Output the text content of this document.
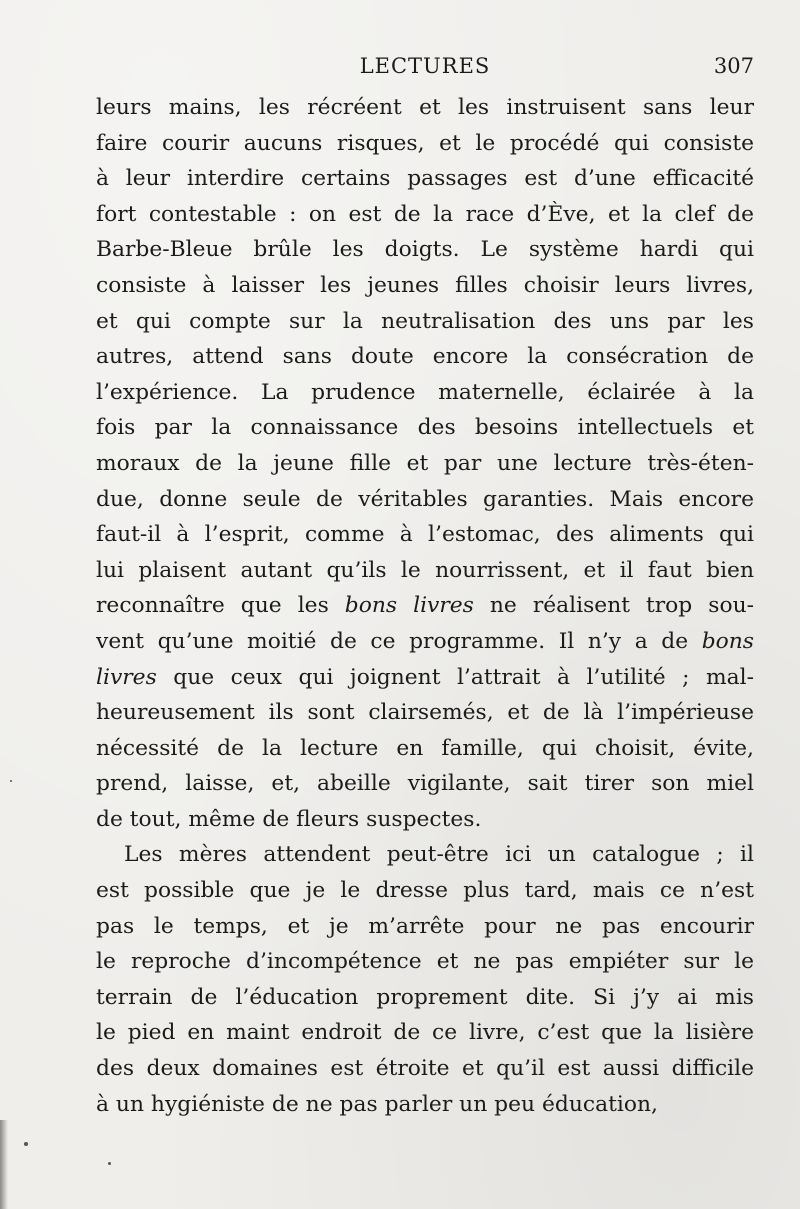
LECTURES	307
leurs mains, les récréent et les instruisent sans leur
faire courir aucuns risques, et le procédé qui consiste
à leur interdire certains passages est d’une efficacité
fort contestable : on est de la race d’Ève, et la clef de
Barbe-Bleue brûle les doigts. Le système hardi qui
consiste à laisser les jeunes filles choisir leurs livres,
et qui compte sur la neutralisation des uns par les
autres, attend sans doute encore la consécration de
l’expérience. La prudence maternelle, éclairée à la
fois par la connaissance des besoins intellectuels et
moraux de la jeune fille et par une lecture très-éten-
due, donne seule de véritables garanties. Mais encore
faut-il à l’esprit, comme à l’estomac, des aliments qui
lui plaisent autant qu’ils le nourrissent, et il faut bien
reconnaître que les bons livres ne réalisent trop sou-
vent qu’une moitié de ce programme. Il n’y a de bons
livres que ceux qui joignent l’attrait à l’utilité ; mal-
heureusement ils sont clairsemés, et de là l’impérieuse
nécessité de la lecture en famille, qui choisit, évite,
prend, laisse, et, abeille vigilante, sait tirer son miel
de tout, même de fleurs suspectes.
Les mères attendent peut-être ici un catalogue ; il
est possible que je le dresse plus tard, mais ce n’est
pas le temps, et je m’arrête pour ne pas encourir
le reproche d’incompétence et ne pas empiéter sur le
terrain de l’éducation proprement dite. Si j’y ai mis
le pied en maint endroit de ce livre, c’est que la lisière
des deux domaines est étroite et qu’il est aussi difficile
à un hygiéniste de ne pas parler un peu éducation,
